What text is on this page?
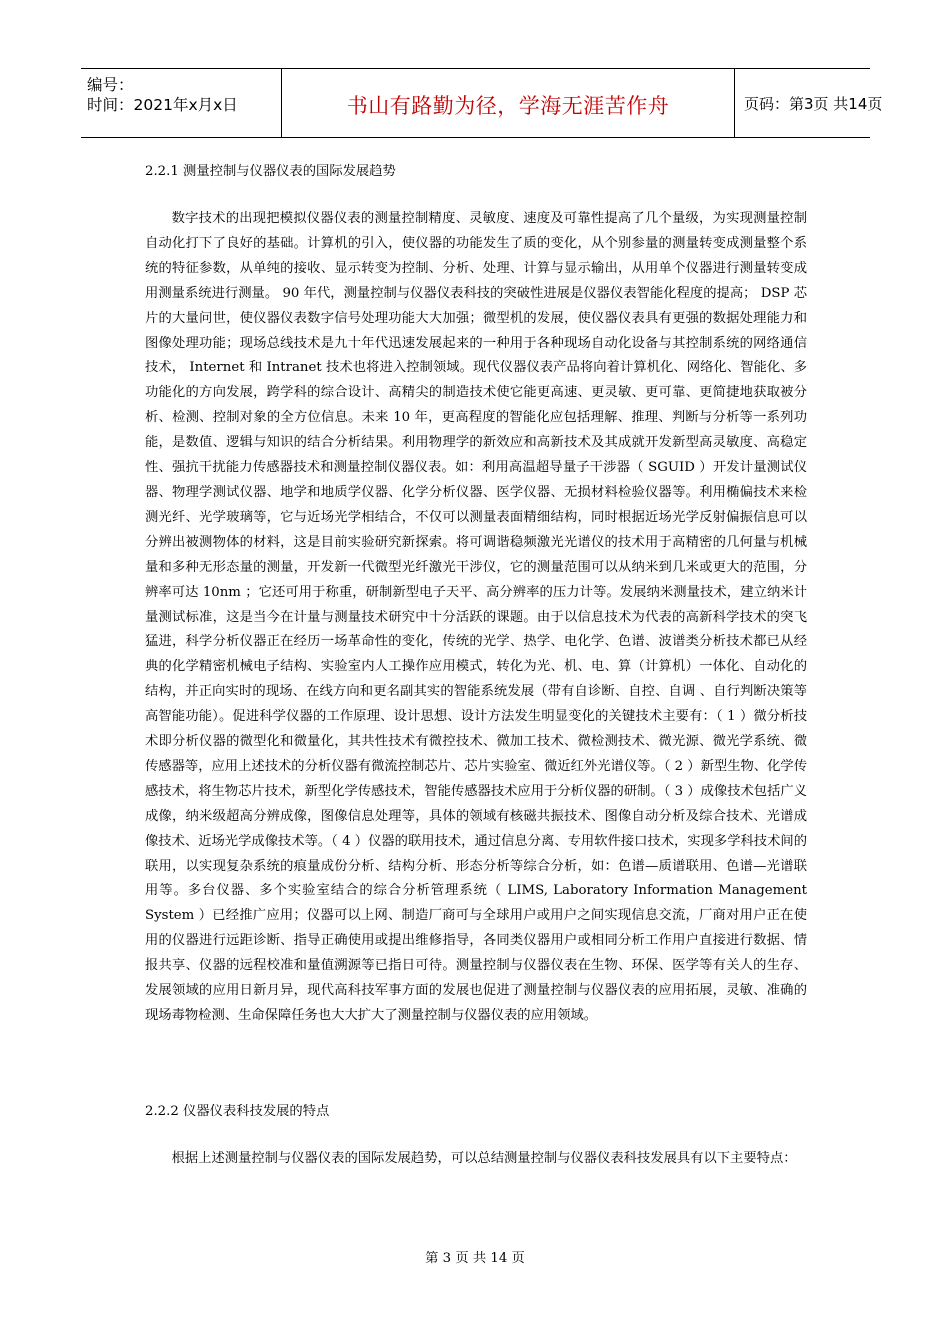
编号：
时间：2021年x月x日	书山有路勤为径，学海无涯苦作舟	页码：第3页 共14页
2.2.1 测量控制与仪器仪表的国际发展趋势
数字技术的出现把模拟仪器仪表的测量控制精度、灵敏度、速度及可靠性提高了几个量级，为实现测量控制自动化打下了良好的基础。计算机的引入，使仪器的功能发生了质的变化，从个别参量的测量转变成测量整个系统的特征参数，从单纯的接收、显示转变为控制、分析、处理、计算与显示输出，从用单个仪器进行测量转变成用测量系统进行测量。 90 年代，测量控制与仪器仪表科技的突破性进展是仪器仪表智能化程度的提高； DSP 芯片的大量问世，使仪器仪表数字信号处理功能大大加强；微型机的发展，使仪器仪表具有更强的数据处理能力和图像处理功能；现场总线技术是九十年代迅速发展起来的一种用于各种现场自动化设备与其控制系统的网络通信技术， Internet 和 Intranet 技术也将进入控制领域。现代仪器仪表产品将向着计算机化、网络化、智能化、多功能化的方向发展，跨学科的综合设计、高精尖的制造技术使它能更高速、更灵敏、更可靠、更简捷地获取被分析、检测、控制对象的全方位信息。未来 10 年，更高程度的智能化应包括理解、推理、判断与分析等一系列功能，是数值、逻辑与知识的结合分析结果。利用物理学的新效应和高新技术及其成就开发新型高灵敏度、高稳定性、强抗干扰能力传感器技术和测量控制仪器仪表。如：利用高温超导量子干涉器（ SGUID ）开发计量测试仪器、物理学测试仪器、地学和地质学仪器、化学分析仪器、医学仪器、无损材料检验仪器等。利用椭偏技术来检测光纤、光学玻璃等，它与近场光学相结合，不仅可以测量表面精细结构，同时根据近场光学反射偏振信息可以分辨出被测物体的材料，这是目前实验研究新探索。将可调谐稳频激光光谱仪的技术用于高精密的几何量与机械量和多种无形态量的测量，开发新一代微型光纤激光干涉仪，它的测量范围可以从纳米到几米或更大的范围，分辨率可达 10nm ；它还可用于称重，研制新型电子天平、高分辨率的压力计等。发展纳米测量技术，建立纳米计量测试标准，这是当今在计量与测量技术研究中十分活跃的课题。由于以信息技术为代表的高新科学技术的突飞猛进，科学分析仪器正在经历一场革命性的变化，传统的光学、热学、电化学、色谱、波谱类分析技术都已从经典的化学精密机械电子结构、实验室内人工操作应用模式，转化为光、机、电、算（计算机）一体化、自动化的结构，并正向实时的现场、在线方向和更名副其实的智能系统发展（带有自诊断、自控、自调 、自行判断决策等高智能功能）。促进科学仪器的工作原理、设计思想、设计方法发生明显变化的关键技术主要有：（ 1 ）微分析技术即分析仪器的微型化和微量化，其共性技术有微控技术、微加工技术、微检测技术、微光源、微光学系统、微传感器等，应用上述技术的分析仪器有微流控制芯片、芯片实验室、微近红外光谱仪等。（ 2 ）新型生物、化学传感技术，将生物芯片技术，新型化学传感技术，智能传感器技术应用于分析仪器的研制。（ 3 ）成像技术包括广义成像，纳米级超高分辨成像，图像信息处理等，具体的领域有核磁共振技术、图像自动分析及综合技术、光谱成像技术、近场光学成像技术等。（ 4 ）仪器的联用技术，通过信息分离、专用软件接口技术，实现多学科技术间的联用，以实现复杂系统的痕量成份分析、结构分析、形态分析等综合分析，如：色谱—质谱联用、色谱—光谱联用等。多台仪器、多个实验室结合的综合分析管理系统（ LIMS, Laboratory Information Management System ）已经推广应用；仪器可以上网、制造厂商可与全球用户或用户之间实现信息交流，厂商对用户正在使用的仪器进行远距诊断、指导正确使用或提出维修指导，各同类仪器用户或相同分析工作用户直接进行数据、情报共享、仪器的远程校准和量值溯源等已指日可待。测量控制与仪器仪表在生物、环保、医学等有关人的生存、发展领域的应用日新月异，现代高科技军事方面的发展也促进了测量控制与仪器仪表的应用拓展，灵敏、准确的现场毒物检测、生命保障任务也大大扩大了测量控制与仪器仪表的应用领域。
2.2.2 仪器仪表科技发展的特点
根据上述测量控制与仪器仪表的国际发展趋势，可以总结测量控制与仪器仪表科技发展具有以下主要特点：
第 3 页 共 14 页
